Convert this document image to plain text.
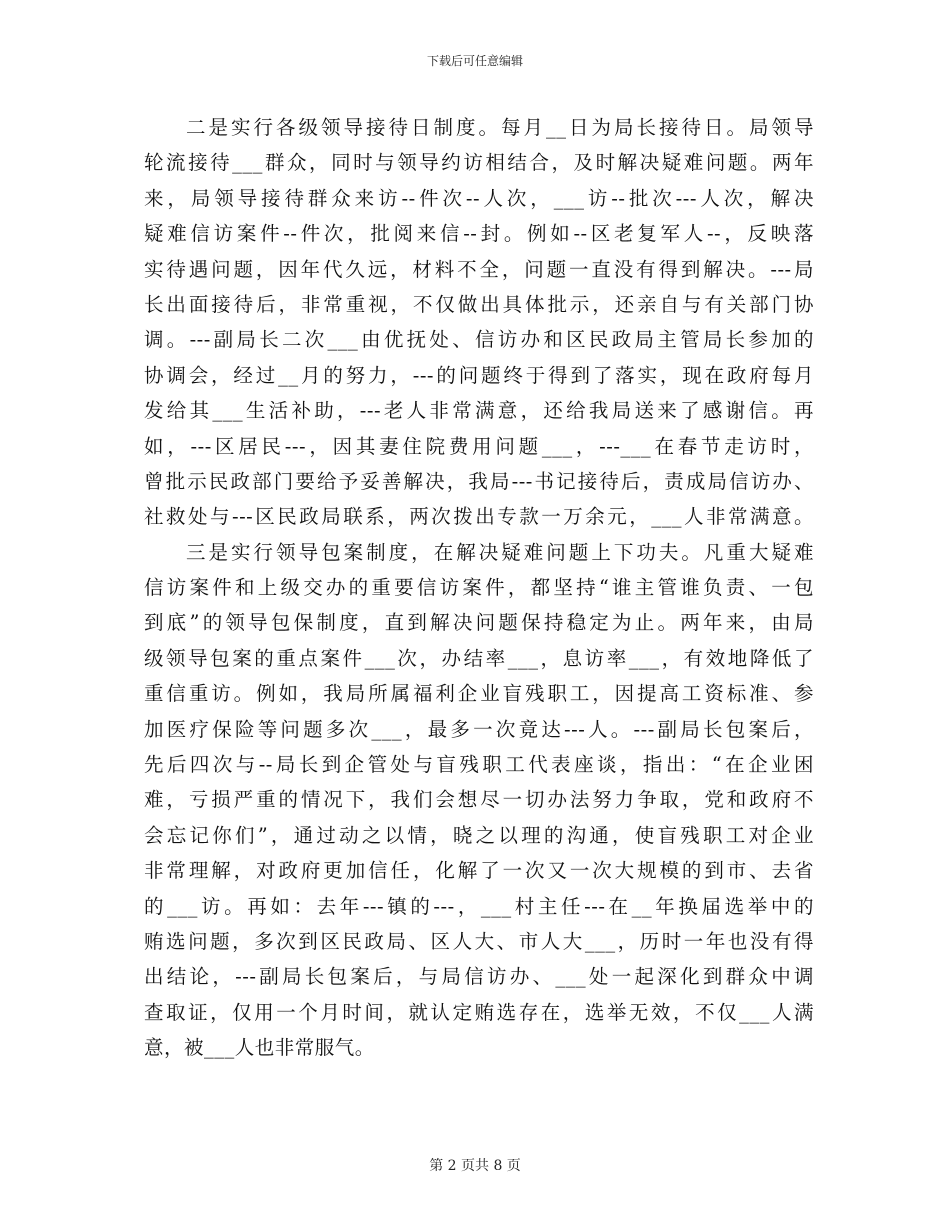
下载后可任意编辑
二是实行各级领导接待日制度。每月__日为局长接待日。局领导
轮流接待___群众，同时与领导约访相结合，及时解决疑难问题。两年
来，局领导接待群众来访--件次--人次，___访--批次---人次，解决
疑难信访案件--件次，批阅来信--封。例如--区老复军人--，反映落
实待遇问题，因年代久远，材料不全，问题一直没有得到解决。---局
长出面接待后，非常重视，不仅做出具体批示，还亲自与有关部门协
调。---副局长二次___由优抚处、信访办和区民政局主管局长参加的
协调会，经过__月的努力，---的问题终于得到了落实，现在政府每月
发给其___生活补助，---老人非常满意，还给我局送来了感谢信。再
如，---区居民---，因其妻住院费用问题___，---___在春节走访时，
曾批示民政部门要给予妥善解决，我局---书记接待后，责成局信访办、
社救处与---区民政局联系，两次拨出专款一万余元，___人非常满意。
三是实行领导包案制度，在解决疑难问题上下功夫。凡重大疑难
信访案件和上级交办的重要信访案件，都坚持“谁主管谁负责、一包
到底”的领导包保制度，直到解决问题保持稳定为止。两年来，由局
级领导包案的重点案件___次，办结率___，息访率___，有效地降低了
重信重访。例如，我局所属福利企业盲残职工，因提高工资标准、参
加医疗保险等问题多次___，最多一次竟达---人。---副局长包案后，
先后四次与--局长到企管处与盲残职工代表座谈，指出：“在企业困
难，亏损严重的情况下，我们会想尽一切办法努力争取，党和政府不
会忘记你们”，通过动之以情，晓之以理的沟通，使盲残职工对企业
非常理解，对政府更加信任，化解了一次又一次大规模的到市、去省
的___访。再如：去年---镇的---，___村主任---在__年换届选举中的
贿选问题，多次到区民政局、区人大、市人大___，历时一年也没有得
出结论，---副局长包案后，与局信访办、___处一起深化到群众中调
查取证，仅用一个月时间，就认定贿选存在，选举无效，不仅___人满
意，被___人也非常服气。
第 2 页共 8 页
